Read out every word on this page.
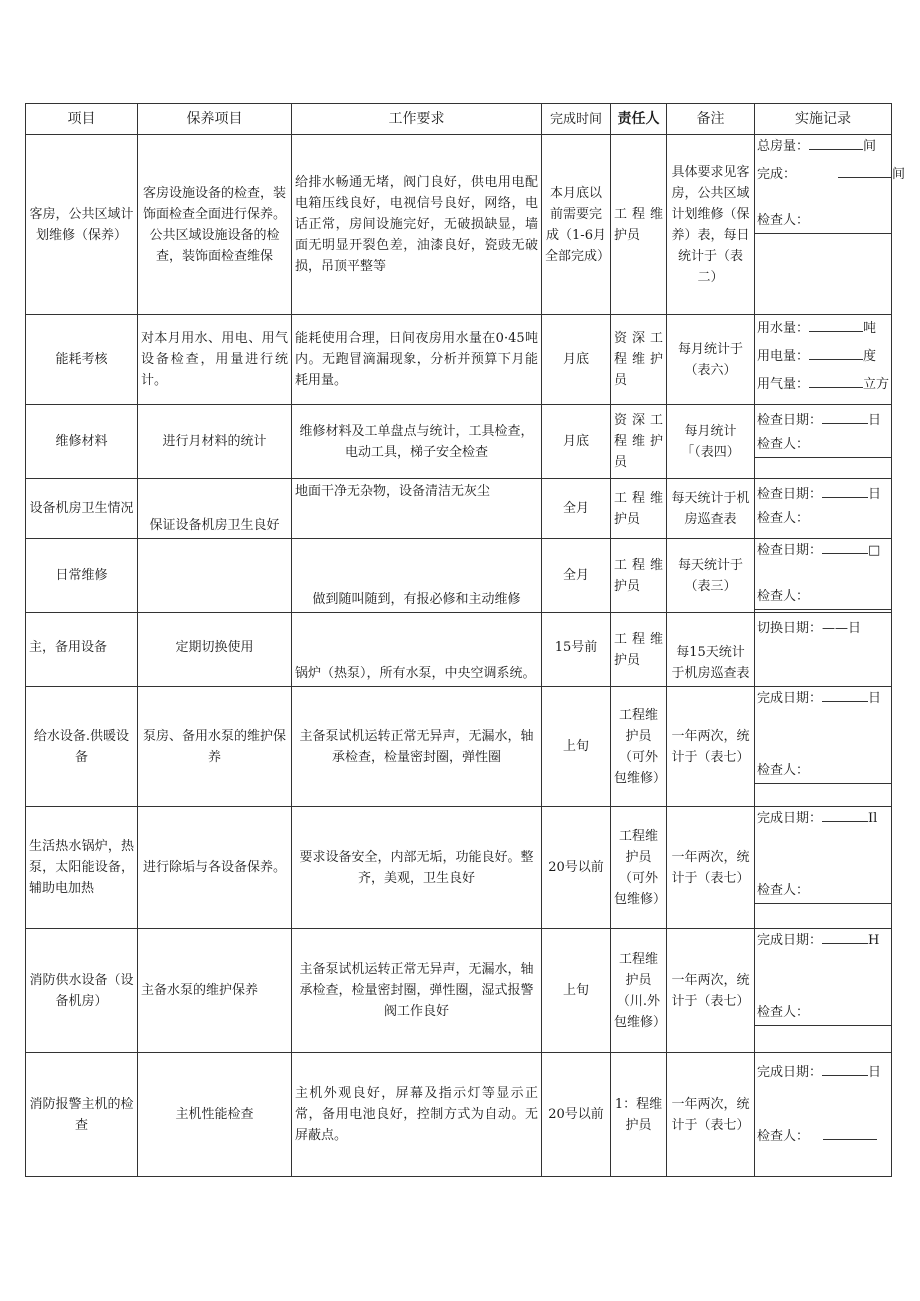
项目	保养项目	工作要求	完成时间	责任人	备注	实施记录
客房，公共区域计划维修（保养）	客房设施设备的检查，装饰面检查全面进行保养。公共区域设施设备的检查，装饰面检查维保	给排水畅通无堵，阀门良好，供电用电配电箱压线良好，电视信号良好，网络，电话正常，房间设施完好，无破损缺显，墙面无明显开裂色差，油漆良好，瓷豉无破损，吊顶平整等	本月底以前需要完成（1-6月全部完成）	工程维护员	具体要求见客房，公共区域计划维修（保养）表，每日统计于（表二）	总房量： 间
完成： 间
检查人：

能耗考核	对本月用水、用电、用气设备检查，用量进行统计。	能耗使用合理，日间夜房用水量在0·45吨内。无跑冒滴漏现象，分析并预算下月能耗用量。	月底	资深工程维护员	每月统计于（表六）	用水量： 吨
用电量： 度
用气量： 立方

维修材料	进行月材料的统计	维修材料及工单盘点与统计，工具检查，电动工具，梯子安全检查	月底	资深工程维护员	每月统计「（表四）	检查日期： 日
检查人：

设备机房卫生情况	保证设备机房卫生良好	地面干净无杂物，设备清洁无灰尘	全月	工程维护员	每天统计于机房巡查表	检查日期： 日
检查人：

日常维修		做到随叫随到，有报必修和主动维修	全月	工程维护员	每天统计于（表三）	检查日期： □
检查人：

主，备用设备	定期切换使用	锅炉（热泵），所有水泵，中央空调系统。	15号前	工程维护员	每15天统计于机房巡查表	切换日期：——日

给水设备.供暖设备	泵房、备用水泵的维护保养	主备泵试机运转正常无异声，无漏水，轴承检查，检量密封圈，弹性圈	上旬	工程维护员（可外包维修）	一年两次，统计于（表七）	完成日期： 日
检查人：

生活热水锅炉，热泵，太阳能设备，辅助电加热	进行除垢与各设备保养。	要求设备安全，内部无垢，功能良好。整齐，美观，卫生良好	20号以前	工程维护员（可外包维修）	一年两次，统计于（表七）	完成日期： Il
检查人：

消防供水设备（设备机房）	主备水泵的维护保养	主备泵试机运转正常无异声，无漏水，轴承检查，检量密封圈，弹性圈，湿式报警阀工作良好	上旬	工程维护员（川.外包维修）	一年两次，统计于（表七）	完成日期： H
检查人：

消防报警主机的检查	主机性能检查	主机外观良好，屏幕及指示灯等显示正常，备用电池良好，控制方式为自动。无屏蔽点。	20号以前	1：程维护员	一年两次，统计于（表七）	完成日期： 日
检查人：
